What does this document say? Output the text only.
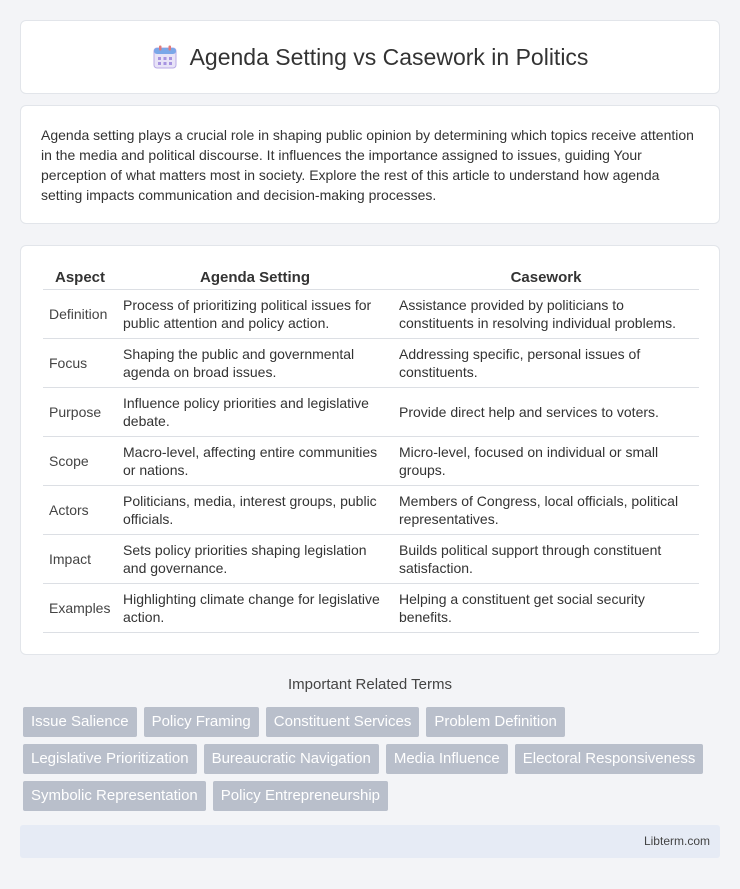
Agenda Setting vs Casework in Politics

Agenda setting plays a crucial role in shaping public opinion by determining which topics receive attention in the media and political discourse. It influences the importance assigned to issues, guiding Your perception of what matters most in society. Explore the rest of this article to understand how agenda setting impacts communication and decision-making processes.

Aspect	Agenda Setting	Casework
Definition	Process of prioritizing political issues for public attention and policy action.	Assistance provided by politicians to constituents in resolving individual problems.
Focus	Shaping the public and governmental agenda on broad issues.	Addressing specific, personal issues of constituents.
Purpose	Influence policy priorities and legislative debate.	Provide direct help and services to voters.
Scope	Macro-level, affecting entire communities or nations.	Micro-level, focused on individual or small groups.
Actors	Politicians, media, interest groups, public officials.	Members of Congress, local officials, political representatives.
Impact	Sets policy priorities shaping legislation and governance.	Builds political support through constituent satisfaction.
Examples	Highlighting climate change for legislative action.	Helping a constituent get social security benefits.
Important Related Terms
Issue Salience	Policy Framing	Constituent Services	Problem Definition
Legislative Prioritization	Bureaucratic Navigation	Media Influence	Electoral Responsiveness
Symbolic Representation	Policy Entrepreneurship
Libterm.com
